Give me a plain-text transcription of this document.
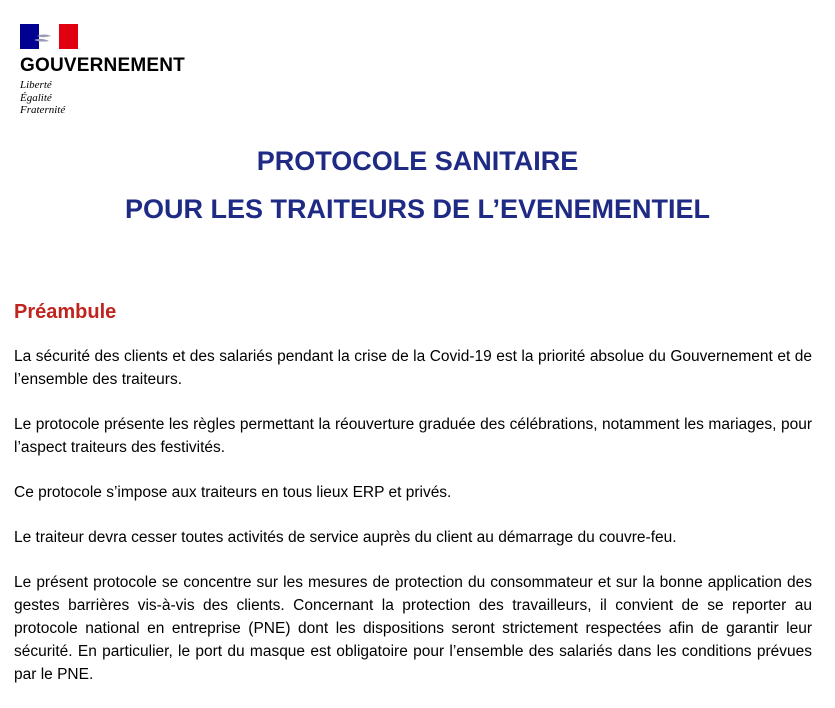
GOUVERNEMENT
Liberté
Égalité
Fraternité
PROTOCOLE SANITAIRE
POUR LES TRAITEURS DE L’EVENEMENTIEL
Préambule

La sécurité des clients et des salariés pendant la crise de la Covid-19 est la priorité absolue du Gouvernement et de l’ensemble des traiteurs.

Le protocole présente les règles permettant la réouverture graduée des célébrations, notamment les mariages, pour l’aspect traiteurs des festivités.

Ce protocole s’impose aux traiteurs en tous lieux ERP et privés.

Le traiteur devra cesser toutes activités de service auprès du client au démarrage du couvre-feu.

Le présent protocole se concentre sur les mesures de protection du consommateur et sur la bonne application des gestes barrières vis-à-vis des clients. Concernant la protection des travailleurs, il convient de se reporter au protocole national en entreprise (PNE) dont les dispositions seront strictement respectées afin de garantir leur sécurité. En particulier, le port du masque est obligatoire pour l’ensemble des salariés dans les conditions prévues par le PNE.
